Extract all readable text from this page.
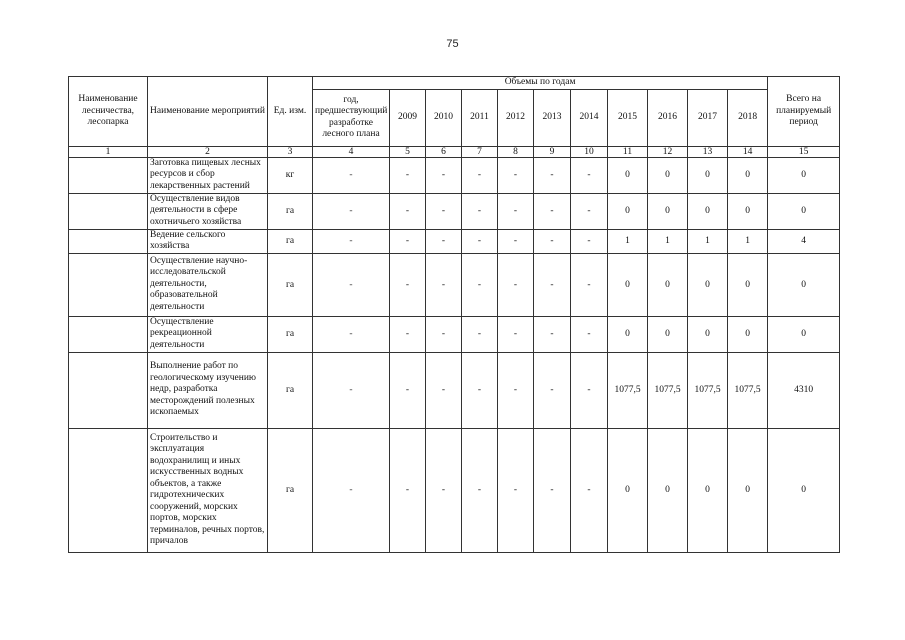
75
Наименование лесничества, лесопарка	Наименование мероприятий	Ед. изм.	Объемы по годам											Всего на планируемый период
			год, предшествующий разработке лесного плана	2009	2010	2011	2012	2013	2014	2015	2016	2017	2018	
1	2	3	4	5	6	7	8	9	10	11	12	13	14	15
	Заготовка пищевых лесных ресурсов и сбор лекарственных растений	кг	-	-	-	-	-	-	-	0	0	0	0	0
	Осуществление видов деятельности в сфере охотничьего хозяйства	га	-	-	-	-	-	-	-	0	0	0	0	0
	Ведение сельского хозяйства	га	-	-	-	-	-	-	-	1	1	1	1	4
	Осуществление научно-исследовательской деятельности, образовательной деятельности	га	-	-	-	-	-	-	-	0	0	0	0	0
	Осуществление рекреационной деятельности	га	-	-	-	-	-	-	-	0	0	0	0	0
	Выполнение работ по геологическому изучению недр, разработка месторождений полезных ископаемых	га	-	-	-	-	-	-	-	1077,5	1077,5	1077,5	1077,5	4310
	Строительство и эксплуатация водохранилищ и иных искусственных водных объектов, а также гидротехнических сооружений, морских портов, морских терминалов, речных портов, причалов	га	-	-	-	-	-	-	-	0	0	0	0	0
